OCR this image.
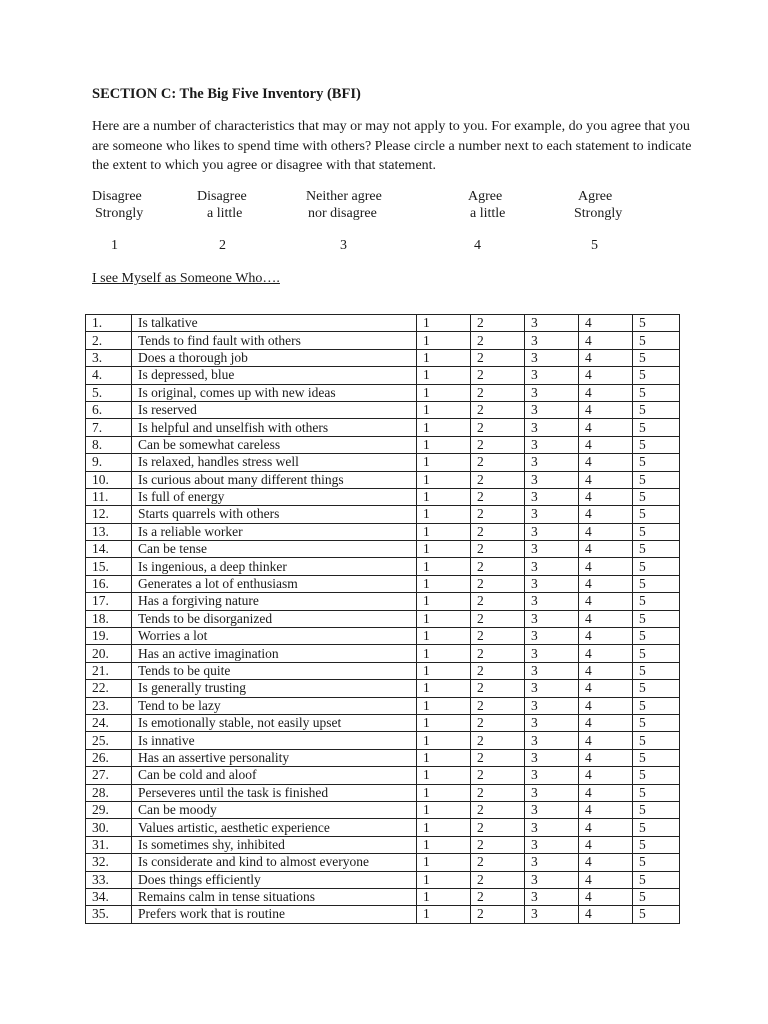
SECTION C: The Big Five Inventory (BFI)

Here are a number of characteristics that may or may not apply to you. For example, do you agree that you are someone who likes to spend time with others? Please circle a number next to each statement to indicate the extent to which you agree or disagree with that statement.

Disagree
Strongly
Disagree
a little
Neither agree
nor disagree
Agree
a little
Agree
Strongly
1	2	3	4	5
I see Myself as Someone Who….
1.	Is talkative	1	2	3	4	5
2.	Tends to find fault with others	1	2	3	4	5
3.	Does a thorough job	1	2	3	4	5
4.	Is depressed, blue	1	2	3	4	5
5.	Is original, comes up with new ideas	1	2	3	4	5
6.	Is reserved	1	2	3	4	5
7.	Is helpful and unselfish with others	1	2	3	4	5
8.	Can be somewhat careless	1	2	3	4	5
9.	Is relaxed, handles stress well	1	2	3	4	5
10.	Is curious about many different things	1	2	3	4	5
11.	Is full of energy	1	2	3	4	5
12.	Starts quarrels with others	1	2	3	4	5
13.	Is a reliable worker	1	2	3	4	5
14.	Can be tense	1	2	3	4	5
15.	Is ingenious, a deep thinker	1	2	3	4	5
16.	Generates a lot of enthusiasm	1	2	3	4	5
17.	Has a forgiving nature	1	2	3	4	5
18.	Tends to be disorganized	1	2	3	4	5
19.	Worries a lot	1	2	3	4	5
20.	Has an active imagination	1	2	3	4	5
21.	Tends to be quite	1	2	3	4	5
22.	Is generally trusting	1	2	3	4	5
23.	Tend to be lazy	1	2	3	4	5
24.	Is emotionally stable, not easily upset	1	2	3	4	5
25.	Is innative	1	2	3	4	5
26.	Has an assertive personality	1	2	3	4	5
27.	Can be cold and aloof	1	2	3	4	5
28.	Perseveres until the task is finished	1	2	3	4	5
29.	Can be moody	1	2	3	4	5
30.	Values artistic, aesthetic experience	1	2	3	4	5
31.	Is sometimes shy, inhibited	1	2	3	4	5
32.	Is considerate and kind to almost everyone	1	2	3	4	5
33.	Does things efficiently	1	2	3	4	5
34.	Remains calm in tense situations	1	2	3	4	5
35.	Prefers work that is routine	1	2	3	4	5
